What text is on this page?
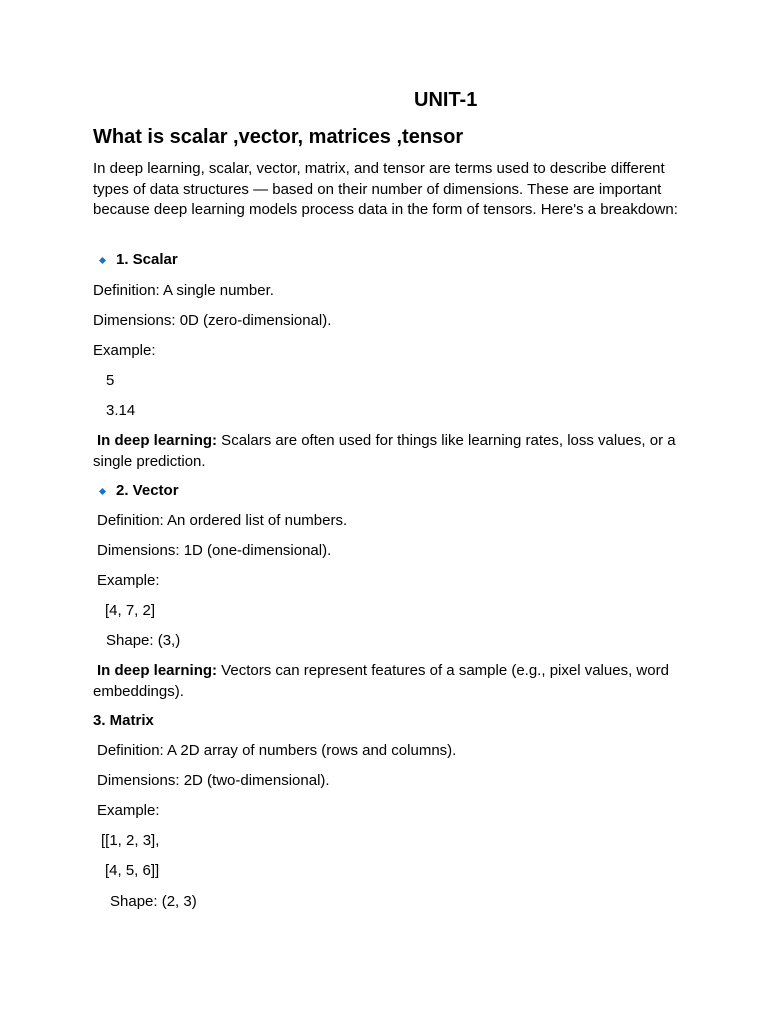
UNIT-1
What is scalar ,vector, matrices ,tensor
In deep learning, scalar, vector, matrix, and tensor are terms used to describe different types of data structures — based on their number of dimensions. These are important because deep learning models process data in the form of tensors. Here's a breakdown:
1. Scalar
Definition: A single number.
Dimensions: 0D (zero-dimensional).
Example:
5
3.14
In deep learning: Scalars are often used for things like learning rates, loss values, or a single prediction.
2. Vector
Definition: An ordered list of numbers.
Dimensions: 1D (one-dimensional).
Example:
[4, 7, 2]
Shape: (3,)
In deep learning: Vectors can represent features of a sample (e.g., pixel values, word embeddings).
3. Matrix
Definition: A 2D array of numbers (rows and columns).
Dimensions: 2D (two-dimensional).
Example:
[[1, 2, 3],
[4, 5, 6]]
Shape: (2, 3)
